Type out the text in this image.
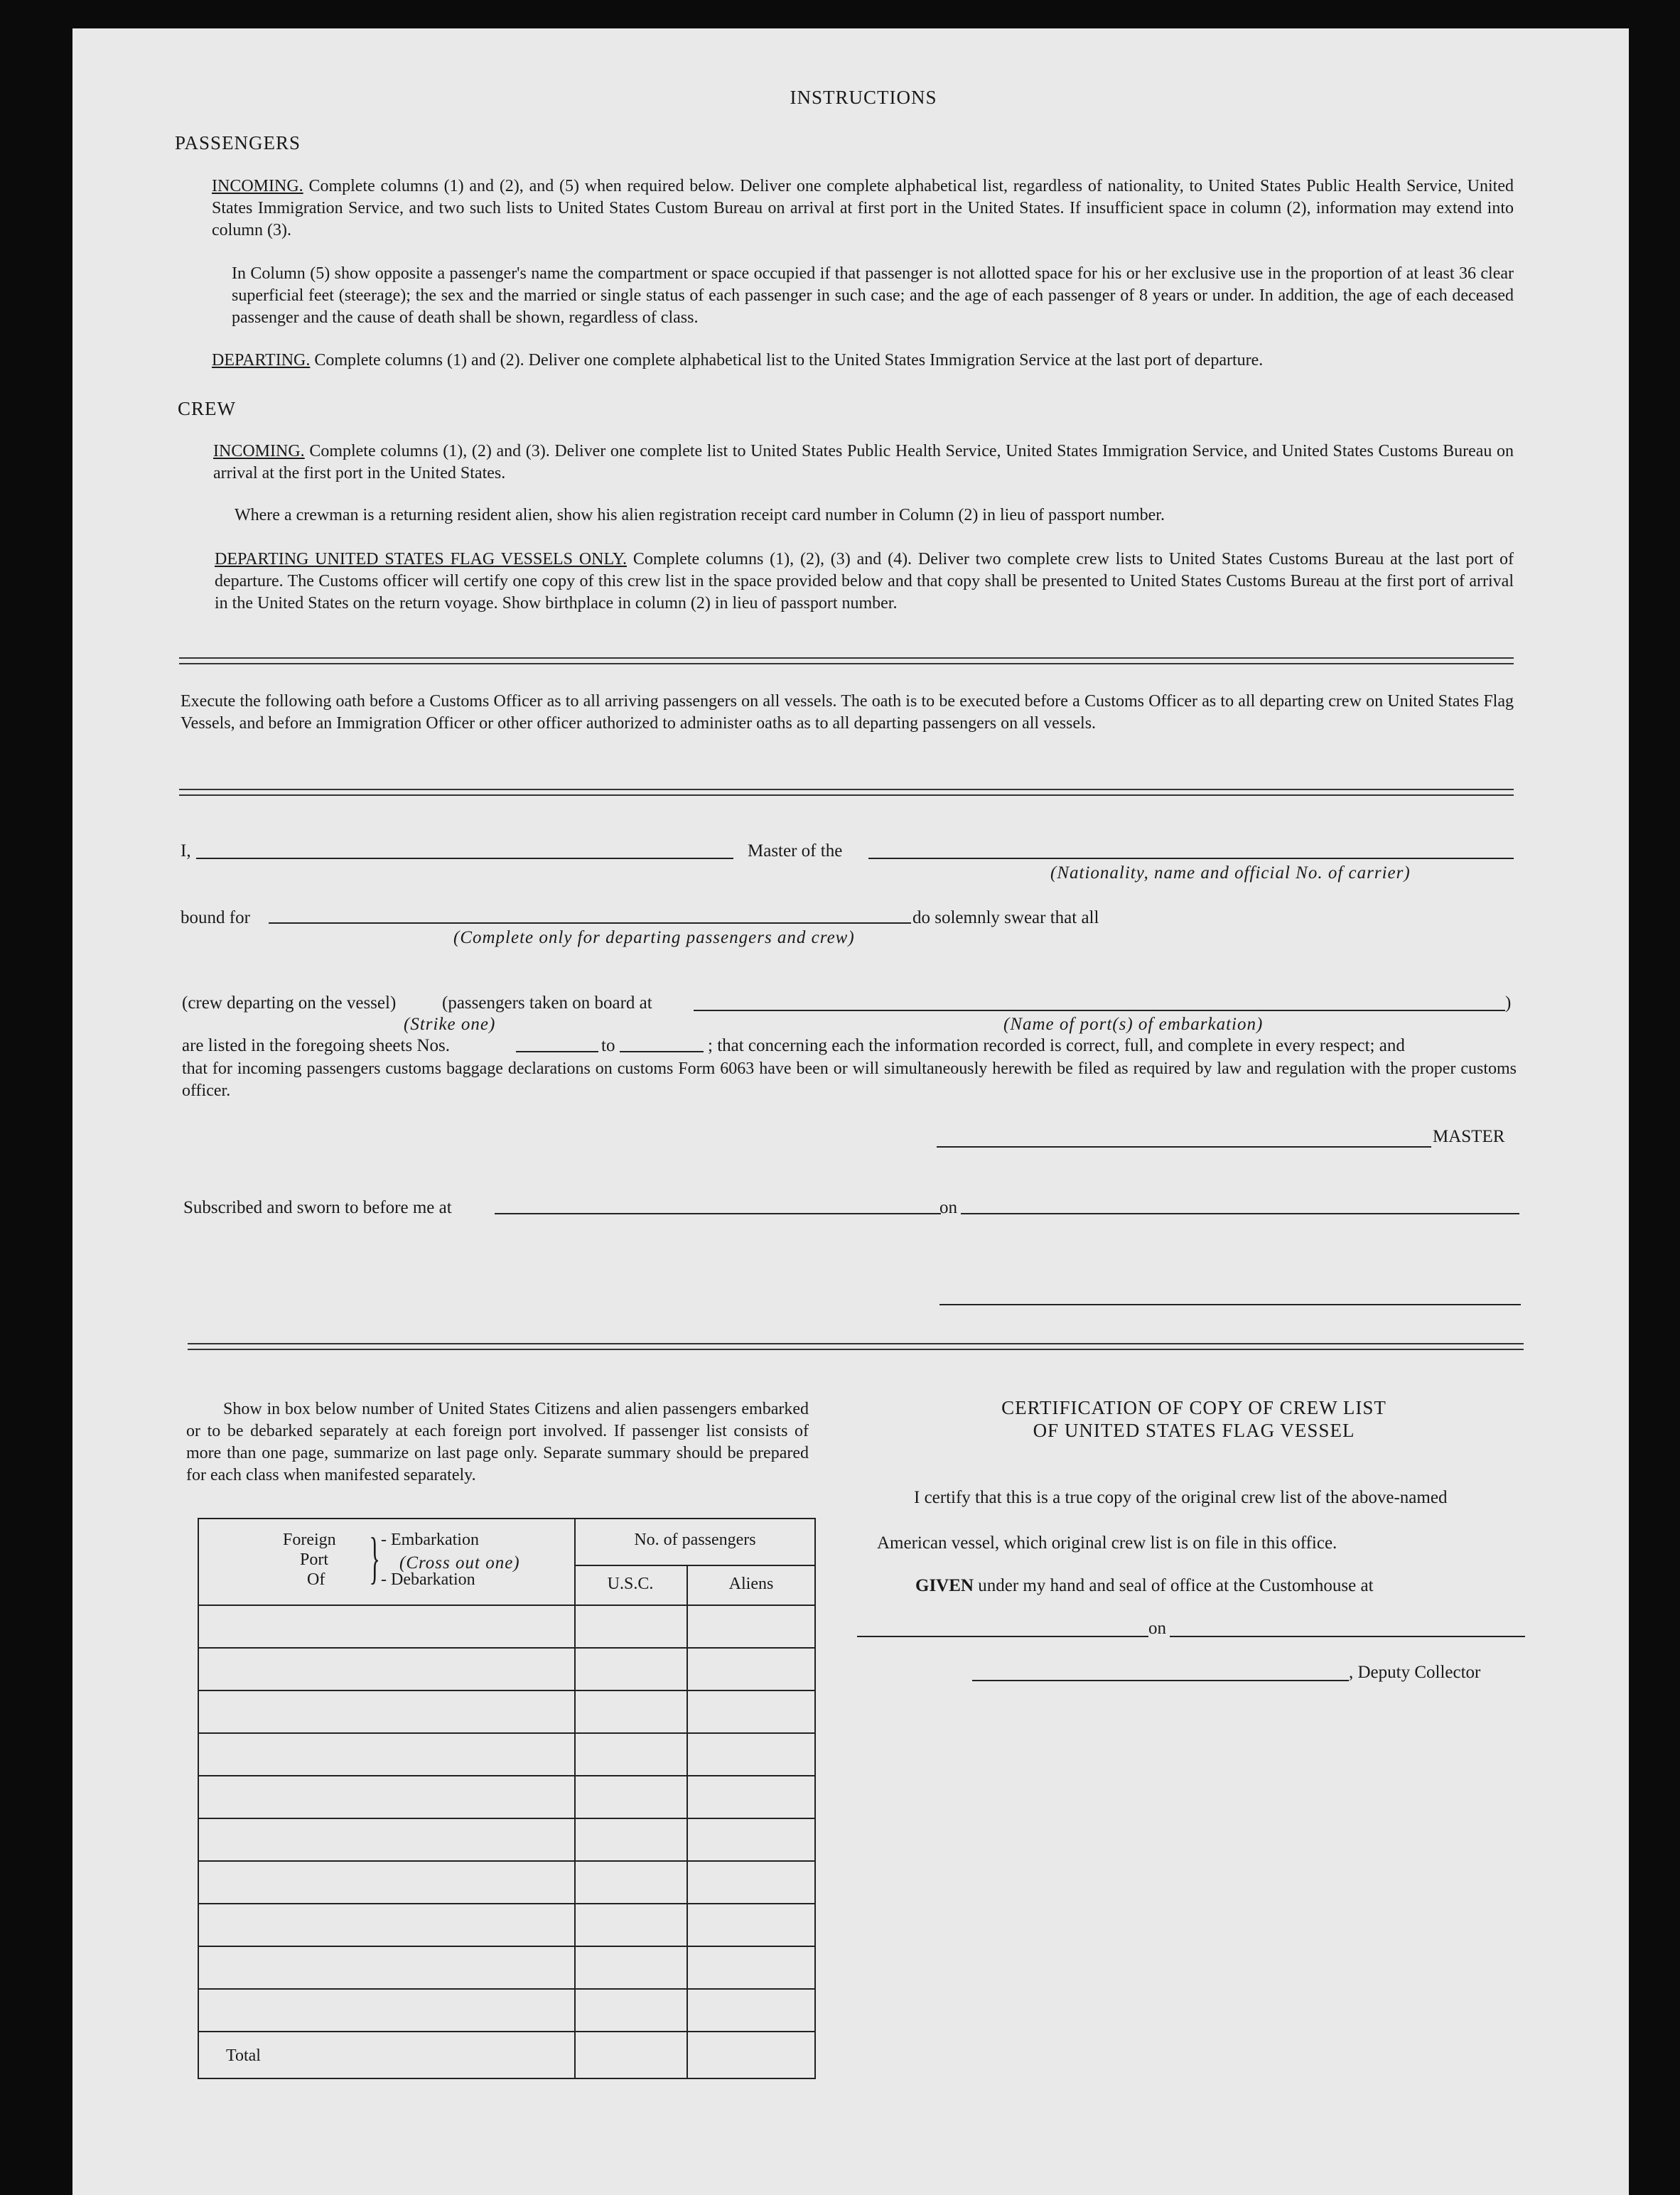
INSTRUCTIONS
PASSENGERS
INCOMING. Complete columns (1) and (2), and (5) when required below. Deliver one complete alphabetical list, regardless of nationality, to United States Public Health Service, United States Immigration Service, and two such lists to United States Custom Bureau on arrival at first port in the United States. If insufficient space in column (2), information may extend into column (3).
In Column (5) show opposite a passenger's name the compartment or space occupied if that passenger is not allotted space for his or her exclusive use in the proportion of at least 36 clear superficial feet (steerage); the sex and the married or single status of each passenger in such case; and the age of each passenger of 8 years or under. In addition, the age of each deceased passenger and the cause of death shall be shown, regardless of class.
DEPARTING. Complete columns (1) and (2). Deliver one complete alphabetical list to the United States Immigration Service at the last port of departure.
CREW
INCOMING. Complete columns (1), (2) and (3). Deliver one complete list to United States Public Health Service, United States Immigration Service, and United States Customs Bureau on arrival at the first port in the United States.
Where a crewman is a returning resident alien, show his alien registration receipt card number in Column (2) in lieu of passport number.
DEPARTING UNITED STATES FLAG VESSELS ONLY. Complete columns (1), (2), (3) and (4). Deliver two complete crew lists to United States Customs Bureau at the last port of departure. The Customs officer will certify one copy of this crew list in the space provided below and that copy shall be presented to United States Customs Bureau at the first port of arrival in the United States on the return voyage. Show birthplace in column (2) in lieu of passport number.
Execute the following oath before a Customs Officer as to all arriving passengers on all vessels. The oath is to be executed before a Customs Officer as to all departing crew on United States Flag Vessels, and before an Immigration Officer or other officer authorized to administer oaths as to all departing passengers on all vessels.
I,	Master of the
(Nationality, name and official No. of carrier)
bound for
(Complete only for departing passengers and crew)
do solemnly swear that all
(crew departing on the vessel)	(passengers taken on board at	)
(Strike one)	(Name of port(s) of embarkation)
are listed in the foregoing sheets Nos.	to	; that concerning each the information recorded is correct, full, and complete in every respect; and
that for incoming passengers customs baggage declarations on customs Form 6063 have been or will simultaneously herewith be filed as required by law and regulation with the proper customs officer.
MASTER
Subscribed and sworn to before me at	on
Show in box below number of United States Citizens and alien passengers embarked or to be debarked separately at each foreign port involved. If passenger list consists of more than one page, summarize on last page only. Separate summary should be prepared for each class when manifested separately.
Foreign
Port
Of } - Embarkation
(Cross out one)
- Debarkation
No. of passengers
U.S.C.	Aliens
Total
CERTIFICATION OF COPY OF CREW LIST
OF UNITED STATES FLAG VESSEL
I certify that this is a true copy of the original crew list of the above-named
American vessel, which original crew list is on file in this office.
GIVEN under my hand and seal of office at the Customhouse at
on
, Deputy Collector
